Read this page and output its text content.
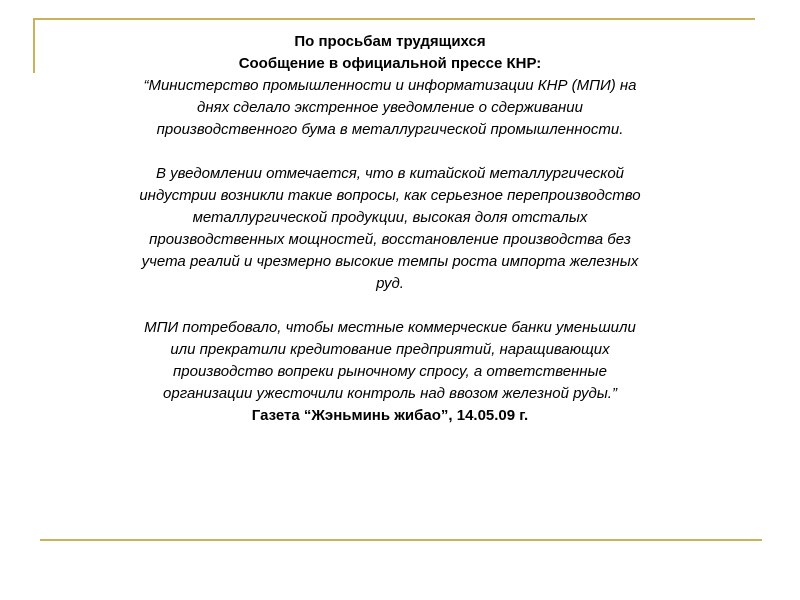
По просьбам трудящихся
Сообщение в официальной прессе КНР:
“Министерство промышленности и информатизации КНР (МПИ) на
днях сделало экстренное уведомление о сдерживании
производственного бума в металлургической промышленности.
В уведомлении отмечается, что в китайской металлургической
индустрии возникли такие вопросы, как серьезное перепроизводство
металлургической продукции, высокая доля отсталых
производственных мощностей, восстановление производства без
учета реалий и чрезмерно высокие темпы роста импорта железных
руд.
МПИ потребовало, чтобы местные коммерческие банки уменьшили
или прекратили кредитование предприятий, наращивающих
производство вопреки рыночному спросу, а ответственные
организации ужесточили контроль над ввозом железной руды.”
Газета “Жэньминь жибао”, 14.05.09 г.
